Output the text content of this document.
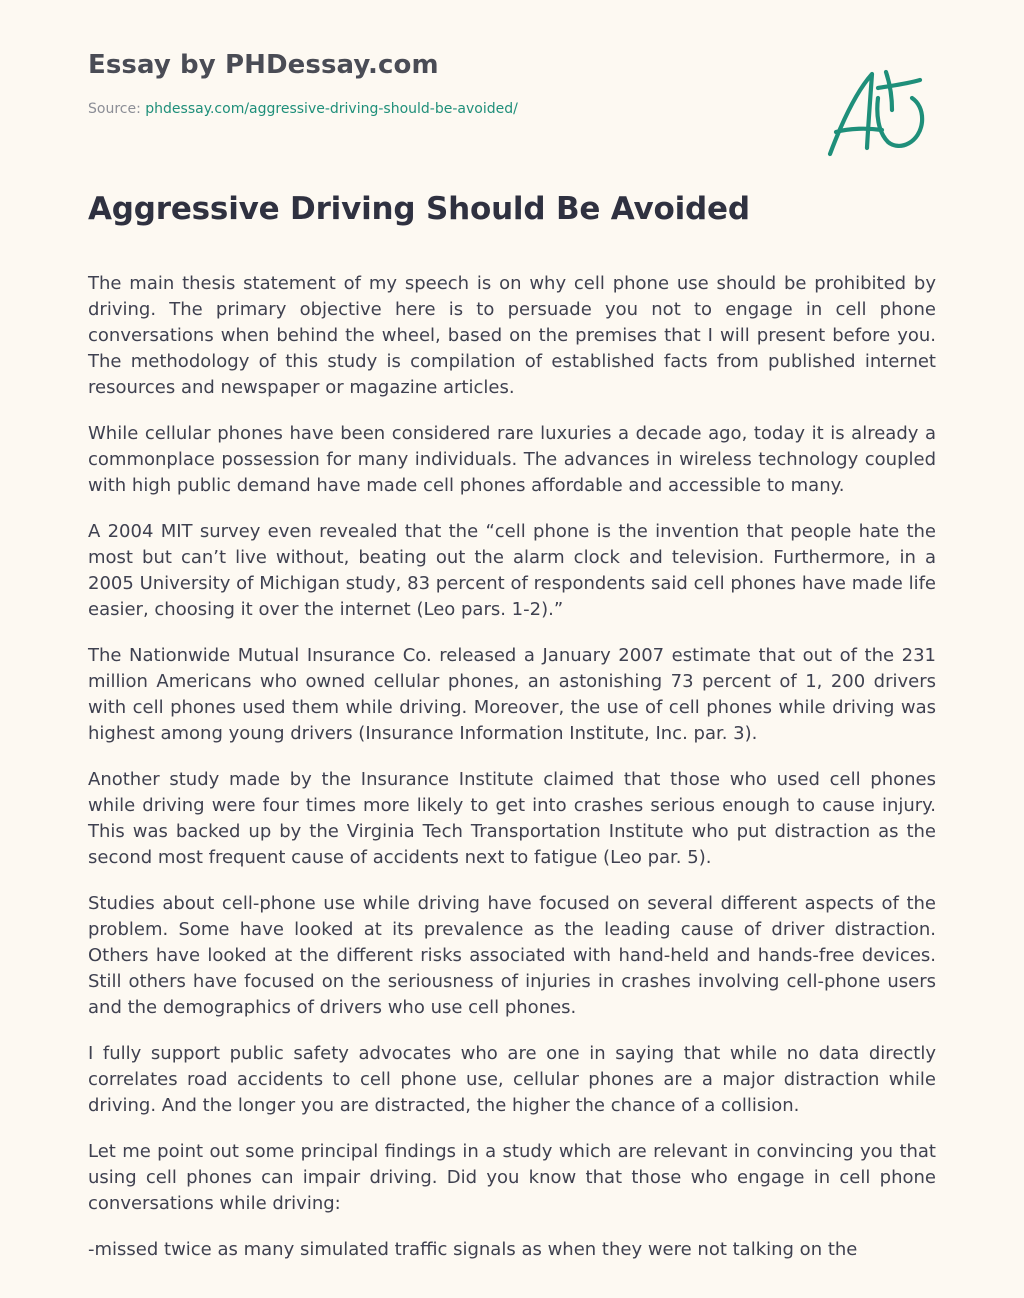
Essay by PHDessay.com
Source: phdessay.com/aggressive-driving-should-be-avoided/
Aggressive Driving Should Be Avoided

The main thesis statement of my speech is on why cell phone use should be prohibited by driving. The primary objective here is to persuade you not to engage in cell phone conversations when behind the wheel, based on the premises that I will present before you. The methodology of this study is compilation of established facts from published internet resources and newspaper or magazine articles.

While cellular phones have been considered rare luxuries a decade ago, today it is already a commonplace possession for many individuals. The advances in wireless technology coupled with high public demand have made cell phones affordable and accessible to many.

A 2004 MIT survey even revealed that the “cell phone is the invention that people hate the most but can’t live without, beating out the alarm clock and television. Furthermore, in a 2005 University of Michigan study, 83 percent of respondents said cell phones have made life easier, choosing it over the internet (Leo pars. 1-2).”

The Nationwide Mutual Insurance Co. released a January 2007 estimate that out of the 231 million Americans who owned cellular phones, an astonishing 73 percent of 1, 200 drivers with cell phones used them while driving. Moreover, the use of cell phones while driving was highest among young drivers (Insurance Information Institute, Inc. par. 3).

Another study made by the Insurance Institute claimed that those who used cell phones while driving were four times more likely to get into crashes serious enough to cause injury. This was backed up by the Virginia Tech Transportation Institute who put distraction as the second most frequent cause of accidents next to fatigue (Leo par. 5).

Studies about cell-phone use while driving have focused on several different aspects of the problem. Some have looked at its prevalence as the leading cause of driver distraction. Others have looked at the different risks associated with hand-held and hands-free devices. Still others have focused on the seriousness of injuries in crashes involving cell-phone users and the demographics of drivers who use cell phones.

I fully support public safety advocates who are one in saying that while no data directly correlates road accidents to cell phone use, cellular phones are a major distraction while driving. And the longer you are distracted, the higher the chance of a collision.

Let me point out some principal findings in a study which are relevant in convincing you that using cell phones can impair driving. Did you know that those who engage in cell phone conversations while driving:

-missed twice as many simulated traffic signals as when they were not talking on the
